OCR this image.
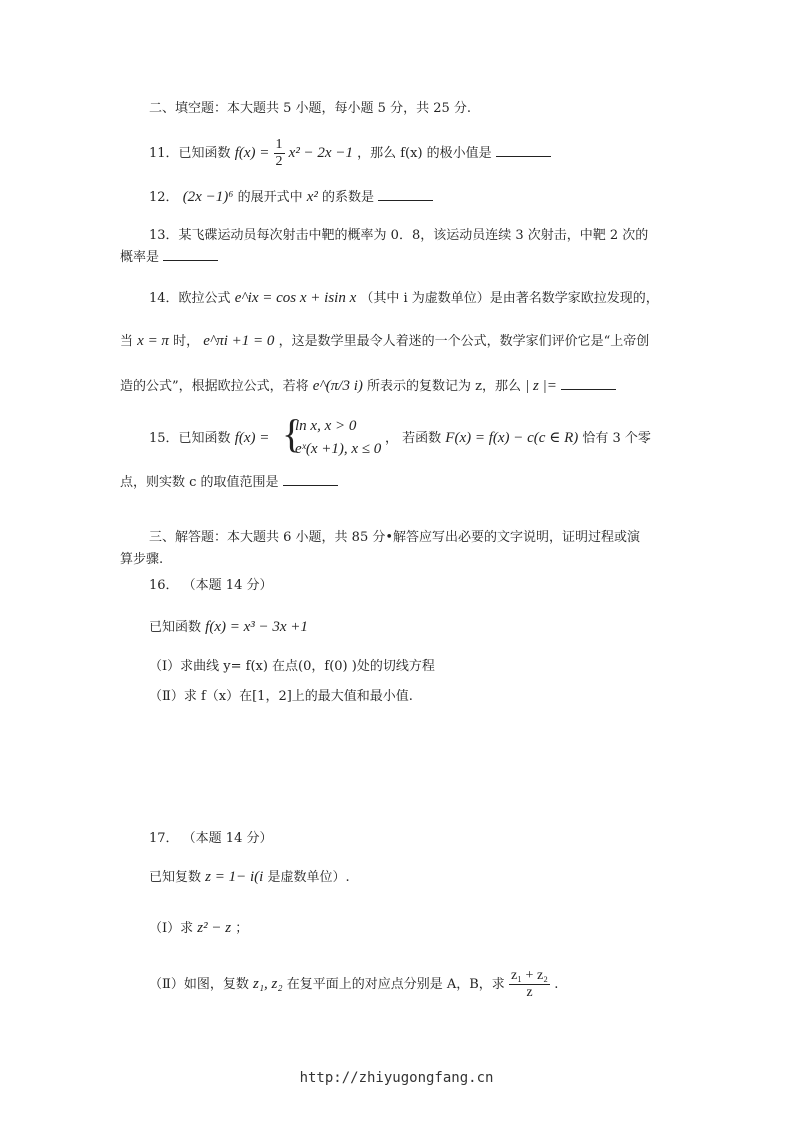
二、填空题：本大题共 5 小题，每小题 5 分，共 25 分.
11．已知函数 $f(x) = \frac{1}{2} x^2 - 2x -1$ ，那么 f(x) 的极小值是
12． (2x −1)⁶ 的展开式中 x² 的系数是
13．某飞碟运动员每次射击中靶的概率为 0．8，该运动员连续 3 次射击，中靶 2 次的
概率是
14．欧拉公式 e^ix = cos x + isin x （其中 i 为虚数单位）是由著名数学家欧拉发现的，
当 x = π 时， e^πi +1 = 0 ，这是数学里最令人着迷的一个公式，数学家们评价它是“上帝创
造的公式”，根据欧拉公式，若将 e^(π/3 i) 所表示的复数记为 z，那么 | z |=
15．已知函数 f(x) = {
ln x, x > 0
eˣ(x +1), x ≤ 0
， 若函数 F(x) = f(x) − c(c ∈ R) 恰有 3 个零
点，则实数 c 的取值范围是
三、解答题：本大题共 6 小题，共 85 分•解答应写出必要的文字说明，证明过程或演
算步骤.
16． （本题 14 分）
已知函数 f(x) = x³ − 3x +1
（Ⅰ）求曲线 y= f(x) 在点(0，f(0) )处的切线方程
（Ⅱ）求 f（x）在[1，2]上的最大值和最小值.
17． （本题 14 分）
已知复数 z = 1− i(i 是虚数单位）.
（Ⅰ）求 z² − z ；
（Ⅱ）如图，复数 z₁, z₂ 在复平面上的对应点分别是 A，B，求 $\frac{\text{z₁ + z₂}}{z}$ .
http://zhiyugongfang.cn
